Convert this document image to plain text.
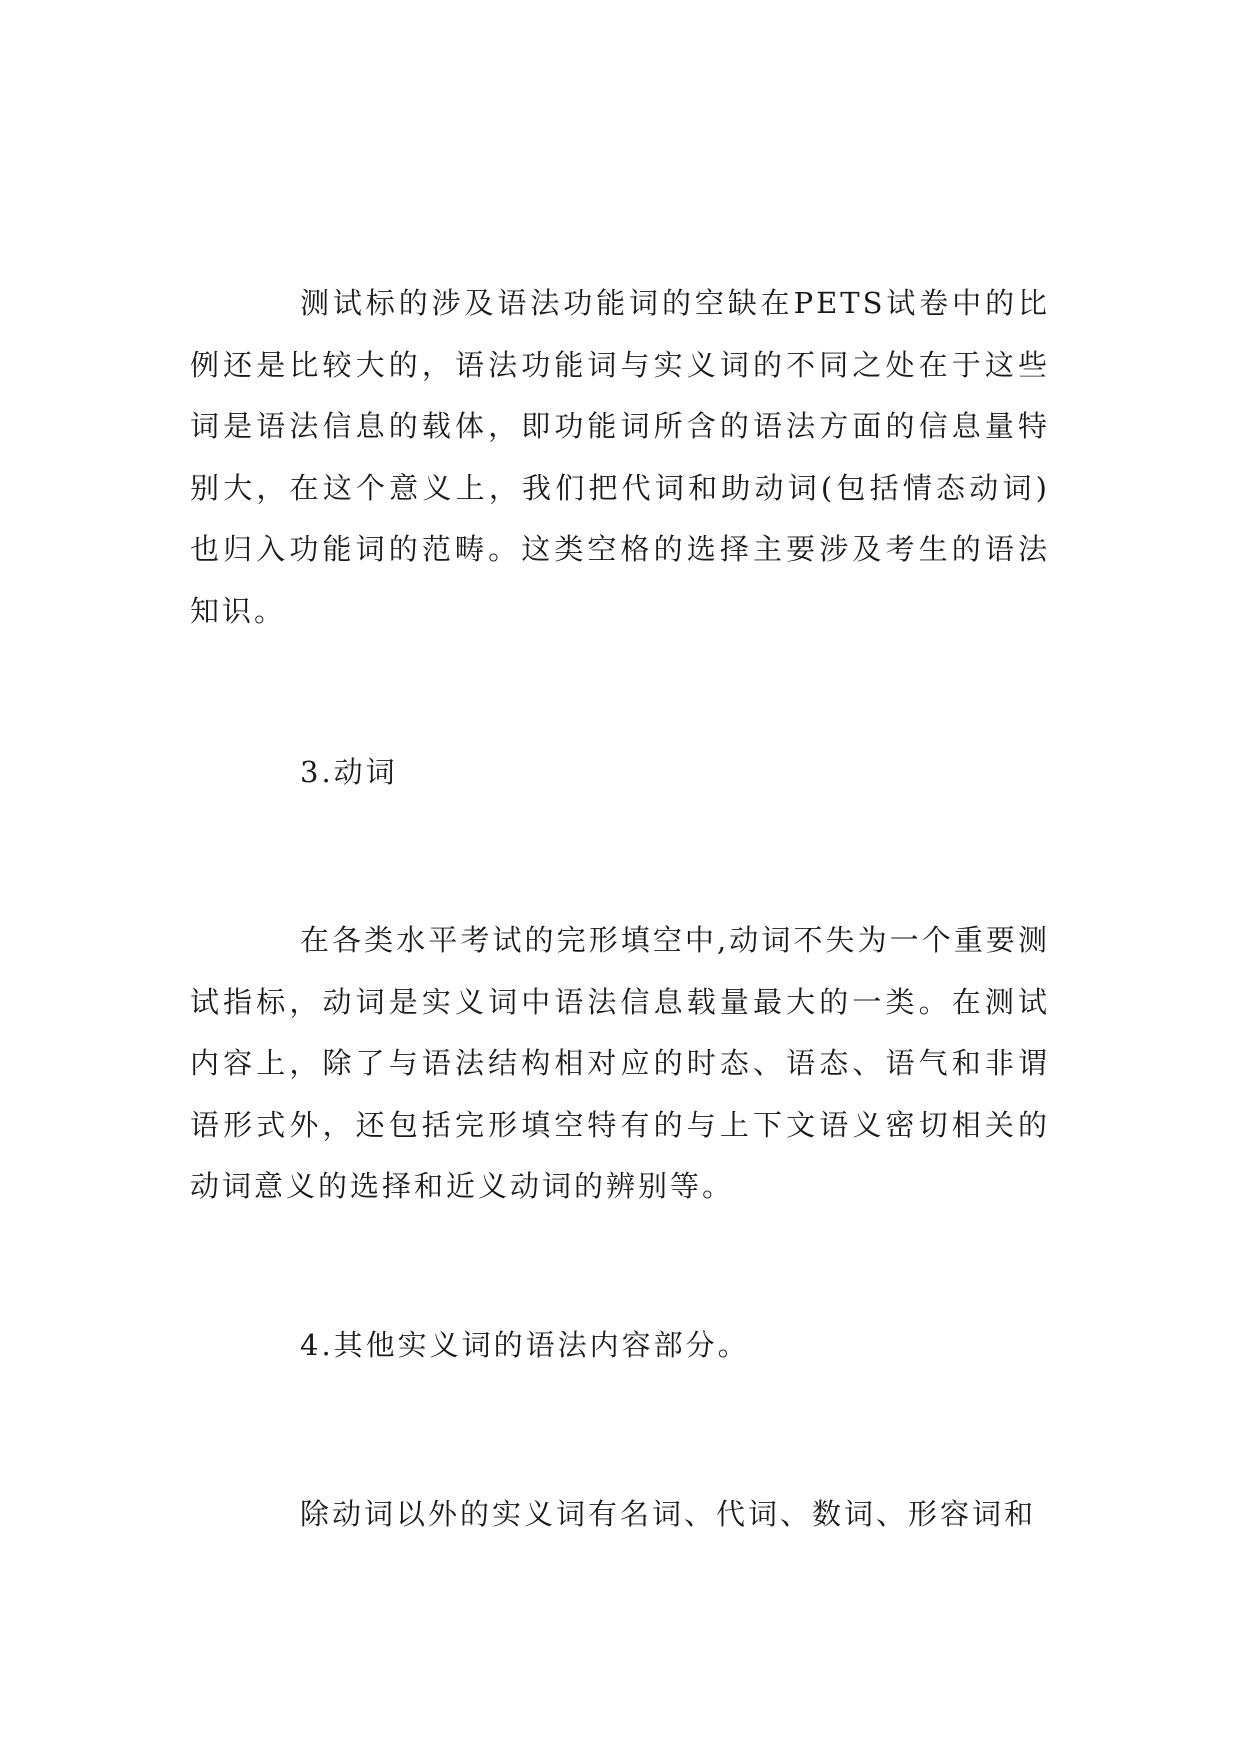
测试标的涉及语法功能词的空缺在PETS试卷中的比例还是比较大的，语法功能词与实义词的不同之处在于这些词是语法信息的载体，即功能词所含的语法方面的信息量特别大，在这个意义上，我们把代词和助动词(包括情态动词)也归入功能词的范畴。这类空格的选择主要涉及考生的语法知识。

3.动词

在各类水平考试的完形填空中,动词不失为一个重要测试指标，动词是实义词中语法信息载量最大的一类。在测试内容上，除了与语法结构相对应的时态、语态、语气和非谓语形式外，还包括完形填空特有的与上下文语义密切相关的动词意义的选择和近义动词的辨别等。

4.其他实义词的语法内容部分。

除动词以外的实义词有名词、代词、数词、形容词和
